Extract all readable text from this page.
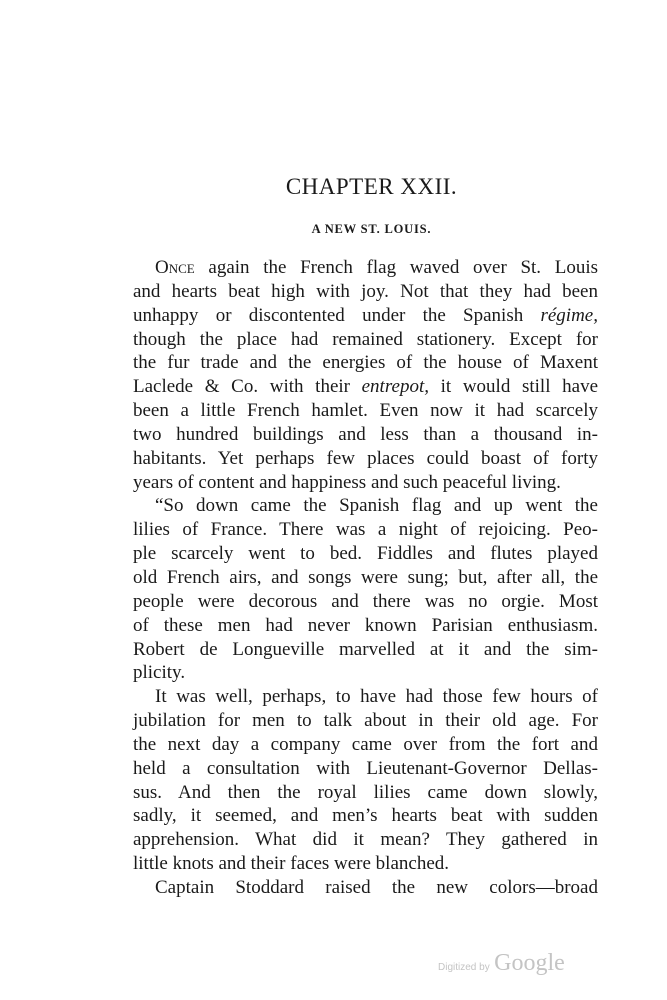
CHAPTER XXII.
A NEW ST. LOUIS.
Once again the French flag waved over St. Louis
and hearts beat high with joy. Not that they had been
unhappy or discontented under the Spanish régime,
though the place had remained stationery. Except for
the fur trade and the energies of the house of Maxent
Laclede & Co. with their entrepot, it would still have
been a little French hamlet. Even now it had scarcely
two hundred buildings and less than a thousand in-
habitants. Yet perhaps few places could boast of forty
years of content and happiness and such peaceful living.
“So down came the Spanish flag and up went the
lilies of France. There was a night of rejoicing. Peo-
ple scarcely went to bed. Fiddles and flutes played
old French airs, and songs were sung; but, after all, the
people were decorous and there was no orgie. Most
of these men had never known Parisian enthusiasm.
Robert de Longueville marvelled at it and the sim-
plicity.
It was well, perhaps, to have had those few hours of
jubilation for men to talk about in their old age. For
the next day a company came over from the fort and
held a consultation with Lieutenant-Governor Dellas-
sus. And then the royal lilies came down slowly,
sadly, it seemed, and men’s hearts beat with sudden
apprehension. What did it mean? They gathered in
little knots and their faces were blanched.
Captain Stoddard raised the new colors—broad
Digitized by Google
